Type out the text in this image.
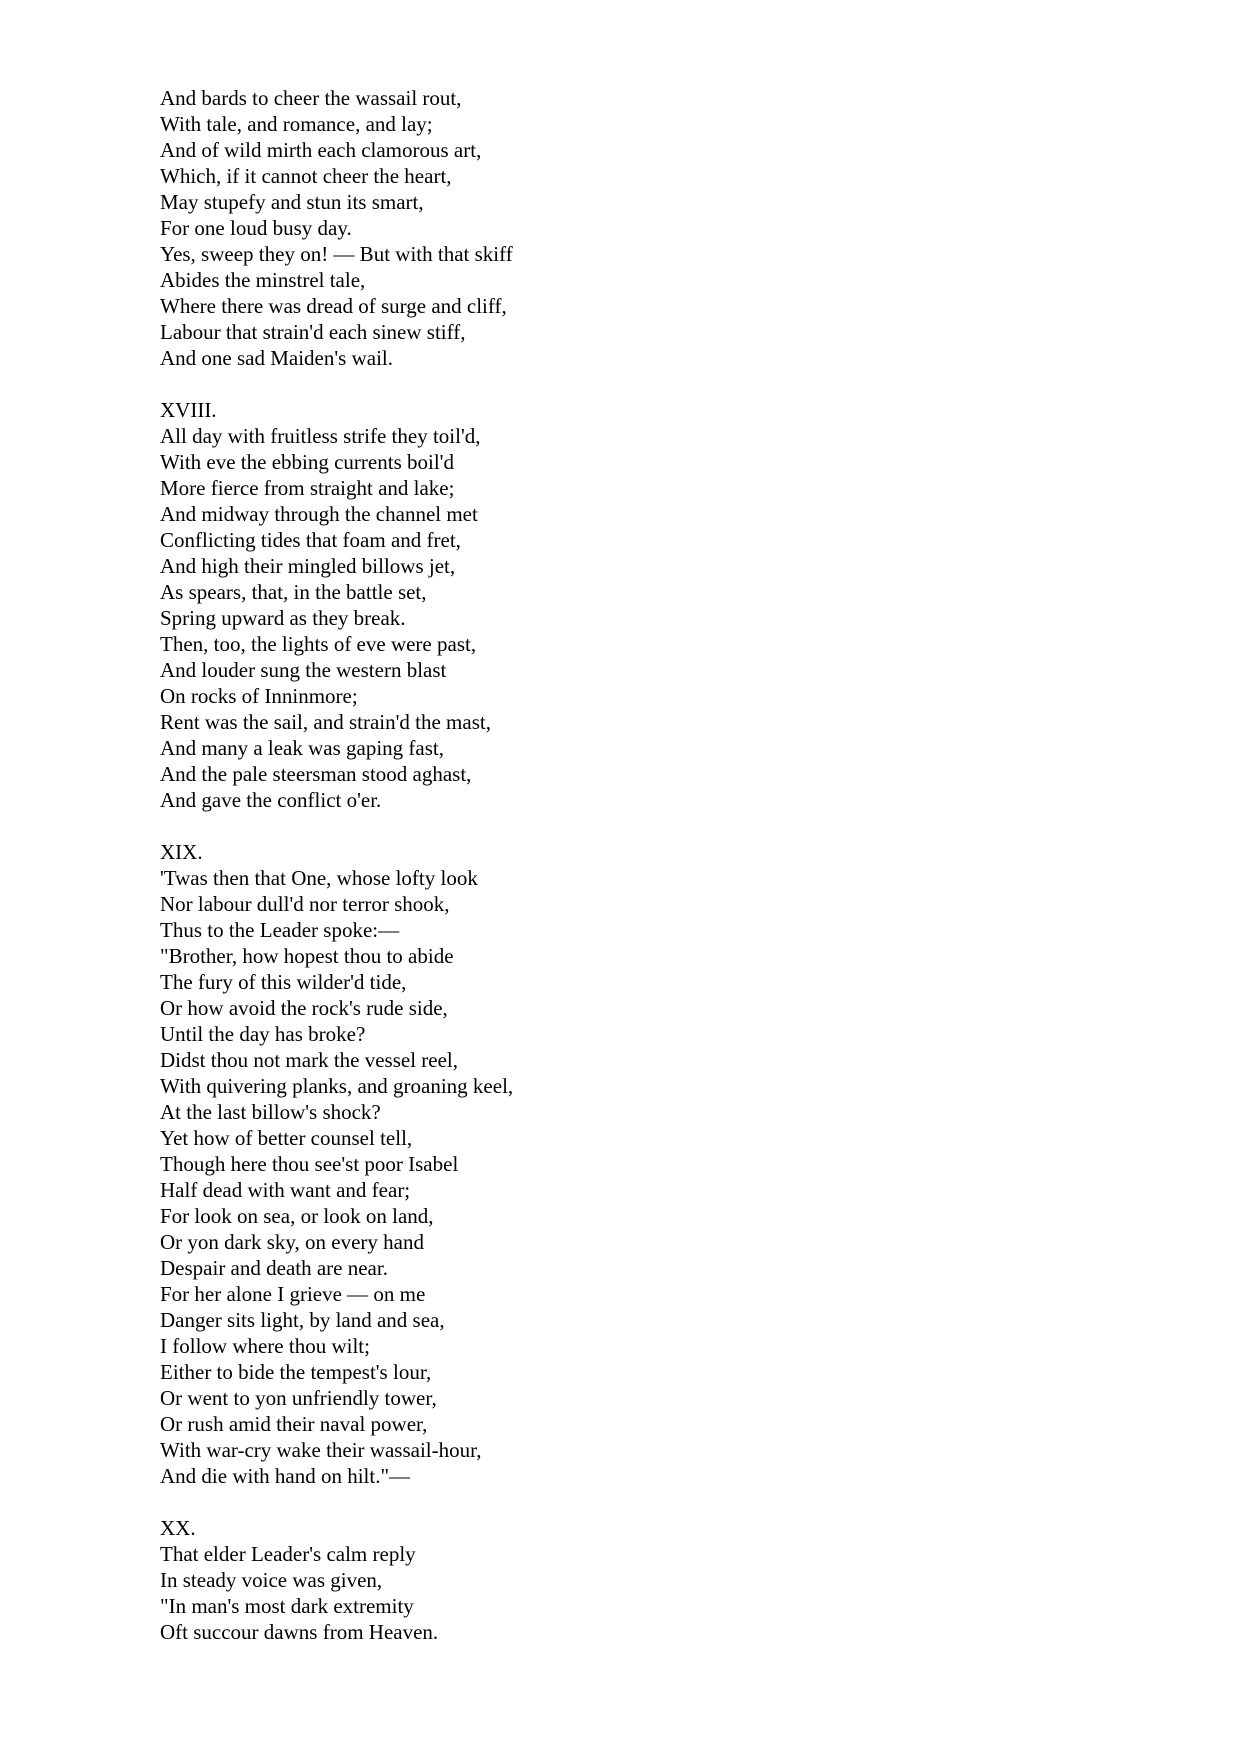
And bards to cheer the wassail rout,
With tale, and romance, and lay;
And of wild mirth each clamorous art,
Which, if it cannot cheer the heart,
May stupefy and stun its smart,
For one loud busy day.
Yes, sweep they on! — But with that skiff
Abides the minstrel tale,
Where there was dread of surge and cliff,
Labour that strain'd each sinew stiff,
And one sad Maiden's wail.
XVIII.
All day with fruitless strife they toil'd,
With eve the ebbing currents boil'd
More fierce from straight and lake;
And midway through the channel met
Conflicting tides that foam and fret,
And high their mingled billows jet,
As spears, that, in the battle set,
Spring upward as they break.
Then, too, the lights of eve were past,
And louder sung the western blast
On rocks of Inninmore;
Rent was the sail, and strain'd the mast,
And many a leak was gaping fast,
And the pale steersman stood aghast,
And gave the conflict o'er.
XIX.
'Twas then that One, whose lofty look
Nor labour dull'd nor terror shook,
Thus to the Leader spoke:—
"Brother, how hopest thou to abide
The fury of this wilder'd tide,
Or how avoid the rock's rude side,
Until the day has broke?
Didst thou not mark the vessel reel,
With quivering planks, and groaning keel,
At the last billow's shock?
Yet how of better counsel tell,
Though here thou see'st poor Isabel
Half dead with want and fear;
For look on sea, or look on land,
Or yon dark sky, on every hand
Despair and death are near.
For her alone I grieve — on me
Danger sits light, by land and sea,
I follow where thou wilt;
Either to bide the tempest's lour,
Or went to yon unfriendly tower,
Or rush amid their naval power,
With war-cry wake their wassail-hour,
And die with hand on hilt."—
XX.
That elder Leader's calm reply
In steady voice was given,
"In man's most dark extremity
Oft succour dawns from Heaven.
